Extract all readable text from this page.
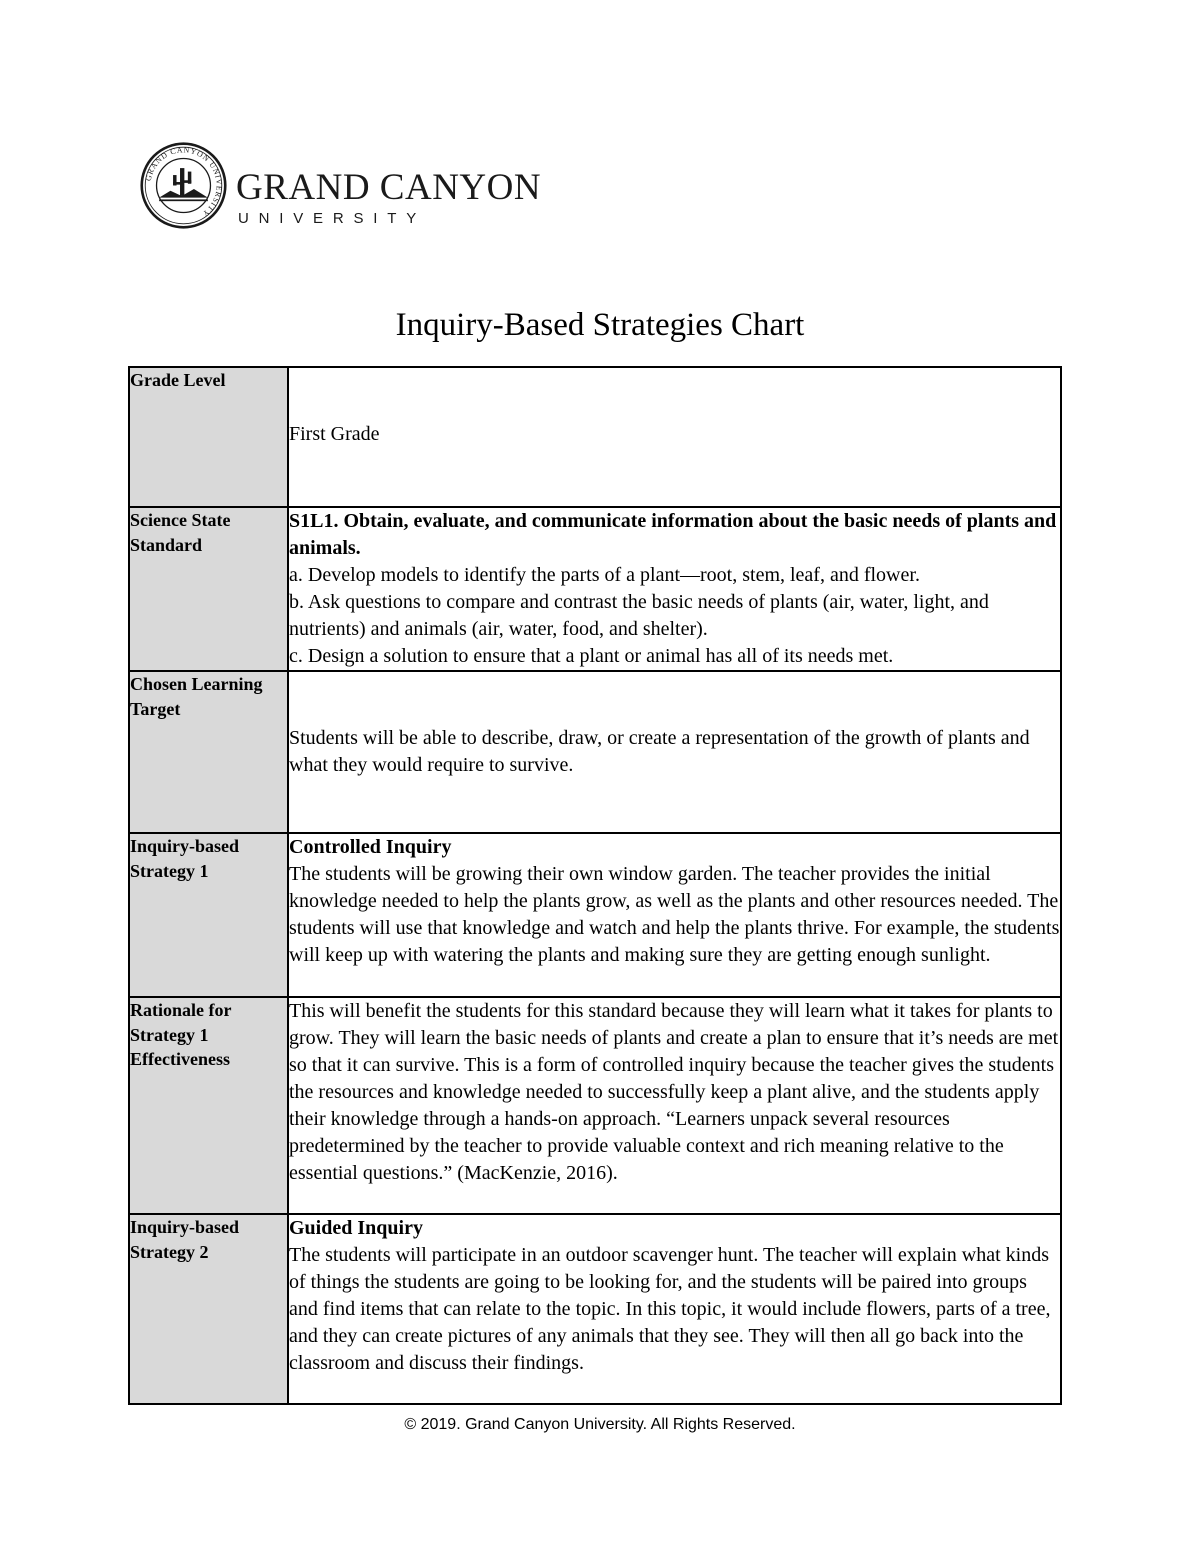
GRAND CANYON UNIVERSITY
GRAND CANYON
UNIVERSITY
Inquiry-Based Strategies Chart
Grade Level	First Grade

Science State Standard	S1L1. Obtain, evaluate, and communicate information about the basic needs of plants and animals.
a. Develop models to identify the parts of a plant—root, stem, leaf, and flower.
b. Ask questions to compare and contrast the basic needs of plants (air, water, light, and nutrients) and animals (air, water, food, and shelter).
c. Design a solution to ensure that a plant or animal has all of its needs met.

Chosen Learning Target	Students will be able to describe, draw, or create a representation of the growth of plants and what they would require to survive.

Inquiry-based Strategy 1	Controlled Inquiry
The students will be growing their own window garden. The teacher provides the initial knowledge needed to help the plants grow, as well as the plants and other resources needed. The students will use that knowledge and watch and help the plants thrive. For example, the students will keep up with watering the plants and making sure they are getting enough sunlight.

Rationale for Strategy 1 Effectiveness	This will benefit the students for this standard because they will learn what it takes for plants to grow. They will learn the basic needs of plants and create a plan to ensure that it’s needs are met so that it can survive. This is a form of controlled inquiry because the teacher gives the students the resources and knowledge needed to successfully keep a plant alive, and the students apply their knowledge through a hands-on approach. “Learners unpack several resources predetermined by the teacher to provide valuable context and rich meaning relative to the essential questions.” (MacKenzie, 2016).

Inquiry-based Strategy 2	Guided Inquiry
The students will participate in an outdoor scavenger hunt. The teacher will explain what kinds of things the students are going to be looking for, and the students will be paired into groups and find items that can relate to the topic. In this topic, it would include flowers, parts of a tree, and they can create pictures of any animals that they see. They will then all go back into the classroom and discuss their findings.
© 2019. Grand Canyon University. All Rights Reserved.
